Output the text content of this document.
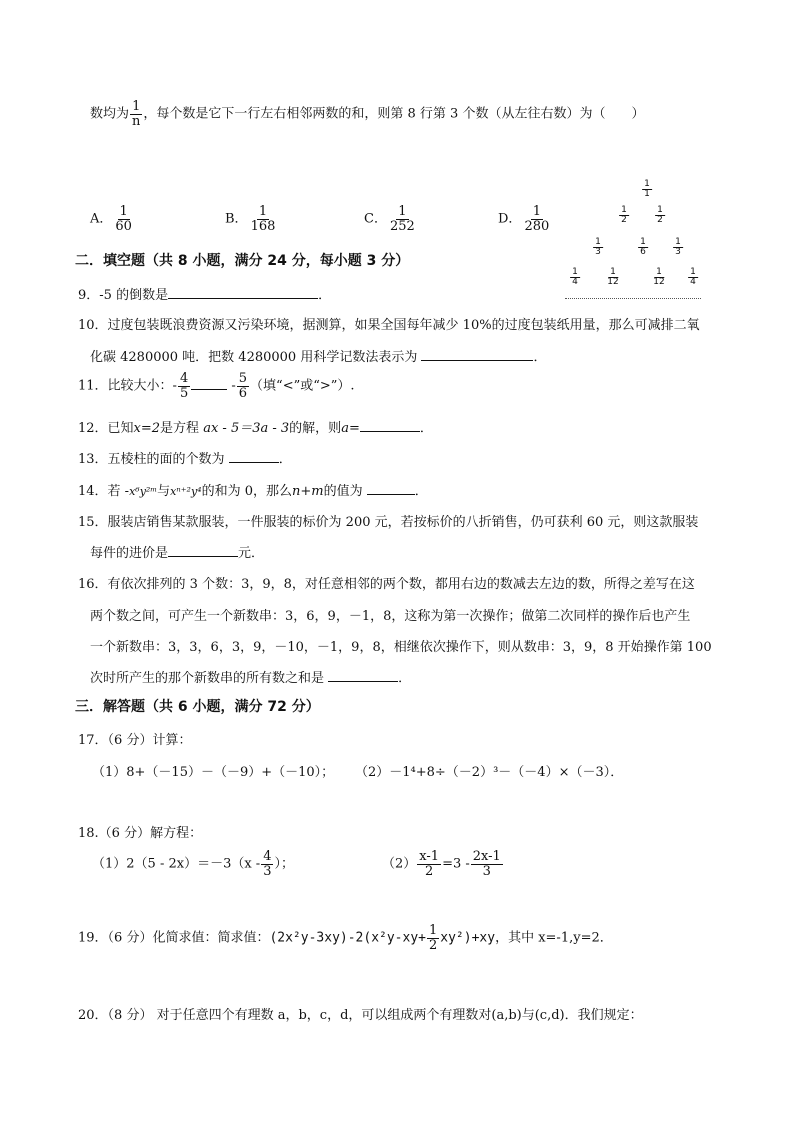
数均为 $\frac{1}{n}$ ，每个数是它下一行左右相邻两数的和，则第 8 行第 3 个数（从左往右数）为（　　）
A． $\frac{1}{60}$	B． $\frac{1}{168}$	C． $\frac{1}{252}$	D． $\frac{1}{280}$
$\frac{1}{1}$
$\frac{1}{2}$	$\frac{1}{2}$
$\frac{1}{3}$	$\frac{1}{6}$	$\frac{1}{3}$
$\frac{1}{4}$	$\frac{1}{12}$	$\frac{1}{12} \frac{1}{4}$
二．填空题（共 8 小题，满分 24 分，每小题 3 分）
9．-5 的倒数是	．
10．过度包装既浪费资源又污染环境，据测算，如果全国每年减少 10%的过度包装纸用量，那么可减排二氧
化碳 4280000 吨．把数 4280000 用科学记数法表示为	．
11．比较大小：- $\frac{4}{5}$	- $\frac{5}{6}$ （填“<”或“>”）.
12．已知x=2是方程 ax - 5＝3a - 3的解，则a=	．
13．五棱柱的面的个数为	．
14．若 -x⁶y²ᵐ与xⁿ⁺²y⁴的和为 0，那么n+m的值为	．
15．服装店销售某款服装，一件服装的标价为 200 元，若按标价的八折销售，仍可获利 60 元，则这款服装
每件的进价是	元．
16．有依次排列的 3 个数：3，9，8，对任意相邻的两个数，都用右边的数减去左边的数，所得之差写在这
两个数之间，可产生一个新数串：3，6，9，－1，8，这称为第一次操作；做第二次同样的操作后也产生
一个新数串：3，3，6，3，9，－10，－1，9，8，相继依次操作下，则从数串：3，9，8 开始操作第 100
次时所产生的那个新数串的所有数之和是	．
三．解答题（共 6 小题，满分 72 分）
17．（6 分）计算：
（1）8+（－15）－（－9）+（－10）； （2）－1⁴+8÷（－2）³－（－4）×（－3）．
18.（6 分）解方程：
$(1)2(5 - 2x)=-3(x - \frac{4}{3}$ ）；	$(2) \frac{x-1}{2} =3 - \frac{2x-1}{3}$
19．（6 分）化简求值：简求值：$(2x^2y-3xy)-2(x^2y-xy+ \frac{1}{2} xy^2)+xy$，其中 x=-1,y=2．
20．（8 分） 对于任意四个有理数 a，b，c，d，可以组成两个有理数对(a,b)与(c,d)．我们规定：
